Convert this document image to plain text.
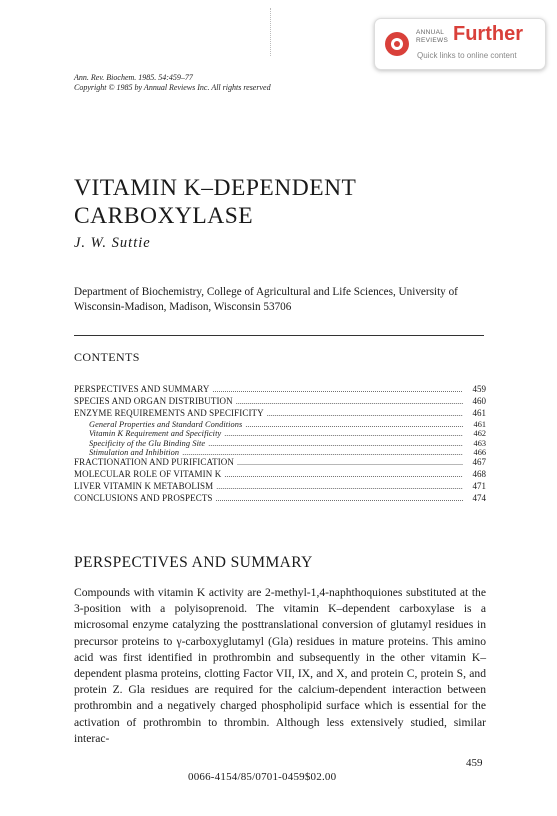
ANNUAL
REVIEWS Further
Quick links to online content
Ann. Rev. Biochem. 1985. 54:459–77
Copyright © 1985 by Annual Reviews Inc. All rights reserved
VITAMIN K–DEPENDENT
CARBOXYLASE
J. W. Suttie
Department of Biochemistry, College of Agricultural and Life Sciences, University of Wisconsin-Madison, Madison, Wisconsin 53706
CONTENTS
PERSPECTIVES AND SUMMARY .....	459
SPECIES AND ORGAN DISTRIBUTION .....	460
ENZYME REQUIREMENTS AND SPECIFICITY .....	461
General Properties and Standard Conditions .....	461
Vitamin K Requirement and Specificity .....	462
Specificity of the Glu Binding Site .....	463
Stimulation and Inhibition .....	466
FRACTIONATION AND PURIFICATION .....	467
MOLECULAR ROLE OF VITAMIN K .....	468
LIVER VITAMIN K METABOLISM .....	471
CONCLUSIONS AND PROSPECTS .....	474
PERSPECTIVES AND SUMMARY

Compounds with vitamin K activity are 2-methyl-1,4-naphthoquiones substituted at the 3-position with a polyisoprenoid. The vitamin K–dependent carboxylase is a microsomal enzyme catalyzing the posttranslational conversion of glutamyl residues in precursor proteins to γ-carboxyglutamyl (Gla) residues in mature proteins. This amino acid was first identified in prothrombin and subsequently in the other vitamin K–dependent plasma proteins, clotting Factor VII, IX, and X, and protein C, protein S, and protein Z. Gla residues are required for the calcium-dependent interaction between prothrombin and a negatively charged phospholipid surface which is essential for the activation of prothrombin to thrombin. Although less extensively studied, similar interac-

459
0066-4154/85/0701-0459$02.00
